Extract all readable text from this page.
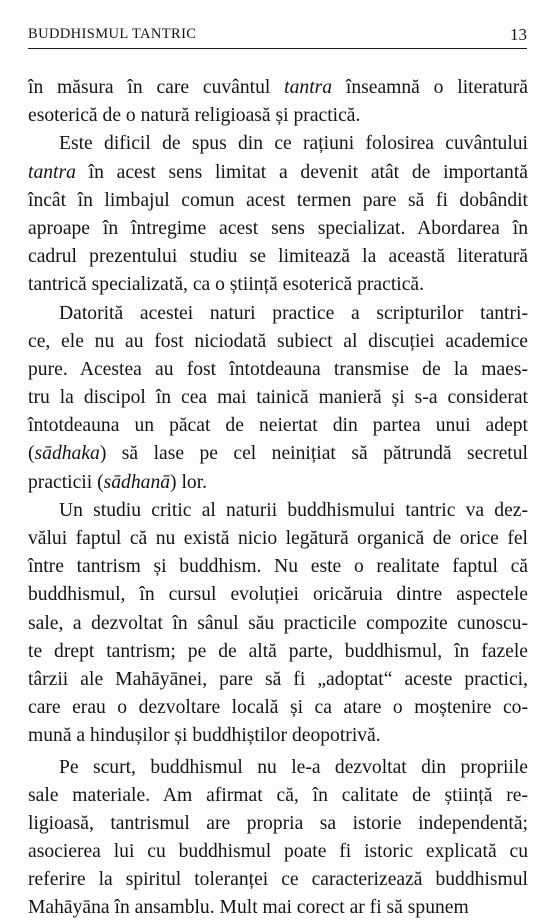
BUDDHISMUL TANTRIC	13
în măsura în care cuvântul tantra înseamnă o literatură
esoterică de o natură religioasă și practică.
Este dificil de spus din ce rațiuni folosirea cuvântului
tantra în acest sens limitat a devenit atât de importantă
încât în limbajul comun acest termen pare să fi dobândit
aproape în întregime acest sens specializat. Abordarea în
cadrul prezentului studiu se limitează la această literatură
tantrică specializată, ca o știință esoterică practică.
Datorită acestei naturi practice a scripturilor tantri-
ce, ele nu au fost niciodată subiect al discuției academice
pure. Acestea au fost întotdeauna transmise de la maes-
tru la discipol în cea mai tainică manieră și s-a considerat
întotdeauna un păcat de neiertat din partea unui adept
(sādhaka) să lase pe cel neinițiat să pătrundă secretul
practicii (sādhanā) lor.
Un studiu critic al naturii buddhismului tantric va dez-
vălui faptul că nu există nicio legătură organică de orice fel
între tantrism și buddhism. Nu este o realitate faptul că
buddhismul, în cursul evoluției oricăruia dintre aspectele
sale, a dezvoltat în sânul său practicile compozite cunoscu-
te drept tantrism; pe de altă parte, buddhismul, în fazele
târzii ale Mahāyānei, pare să fi „adoptat“ aceste practici,
care erau o dezvoltare locală și ca atare o moștenire co-
mună a hindușilor și buddhiștilor deopotrivă.
Pe scurt, buddhismul nu le-a dezvoltat din propriile
sale materiale. Am afirmat că, în calitate de știință re-
ligioasă, tantrismul are propria sa istorie independentă;
asocierea lui cu buddhismul poate fi istoric explicată cu
referire la spiritul toleranței ce caracterizează buddhismul
Mahāyāna în ansamblu. Mult mai corect ar fi să spunem
